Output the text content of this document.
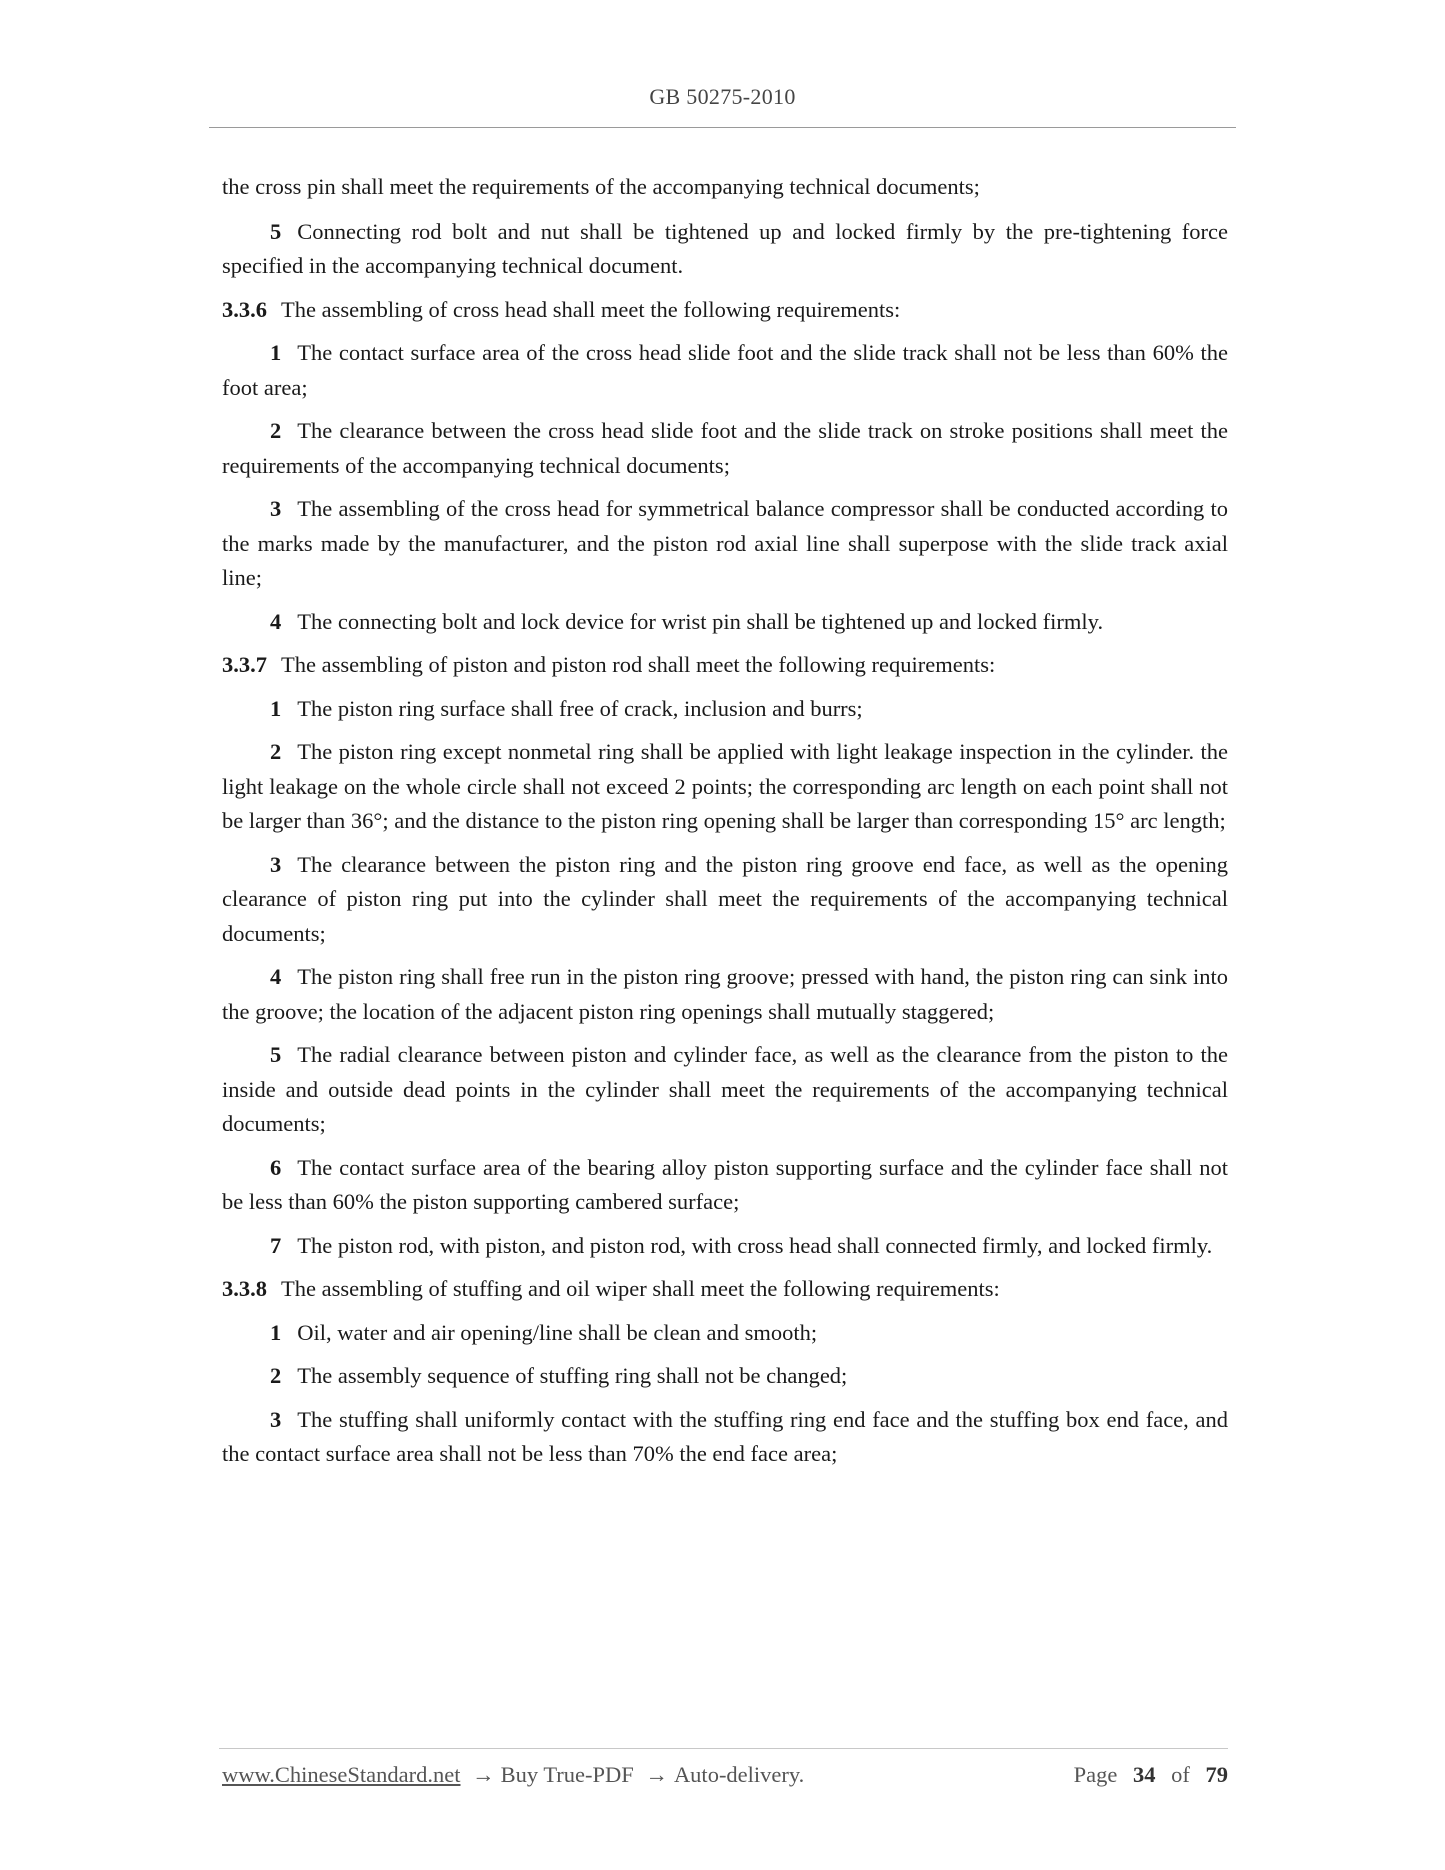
GB 50275-2010

the cross pin shall meet the requirements of the accompanying technical documents;

5 Connecting rod bolt and nut shall be tightened up and locked firmly by the pre-tightening force specified in the accompanying technical document.

3.3.6 The assembling of cross head shall meet the following requirements:

1 The contact surface area of the cross head slide foot and the slide track shall not be less than 60% the foot area;

2 The clearance between the cross head slide foot and the slide track on stroke positions shall meet the requirements of the accompanying technical documents;

3 The assembling of the cross head for symmetrical balance compressor shall be conducted according to the marks made by the manufacturer, and the piston rod axial line shall superpose with the slide track axial line;

4 The connecting bolt and lock device for wrist pin shall be tightened up and locked firmly.

3.3.7 The assembling of piston and piston rod shall meet the following requirements:

1 The piston ring surface shall free of crack, inclusion and burrs;

2 The piston ring except nonmetal ring shall be applied with light leakage inspection in the cylinder. the light leakage on the whole circle shall not exceed 2 points; the corresponding arc length on each point shall not be larger than 36°; and the distance to the piston ring opening shall be larger than corresponding 15° arc length;

3 The clearance between the piston ring and the piston ring groove end face, as well as the opening clearance of piston ring put into the cylinder shall meet the requirements of the accompanying technical documents;

4 The piston ring shall free run in the piston ring groove; pressed with hand, the piston ring can sink into the groove; the location of the adjacent piston ring openings shall mutually staggered;

5 The radial clearance between piston and cylinder face, as well as the clearance from the piston to the inside and outside dead points in the cylinder shall meet the requirements of the accompanying technical documents;

6 The contact surface area of the bearing alloy piston supporting surface and the cylinder face shall not be less than 60% the piston supporting cambered surface;

7 The piston rod, with piston, and piston rod, with cross head shall connected firmly, and locked firmly.

3.3.8 The assembling of stuffing and oil wiper shall meet the following requirements:

1 Oil, water and air opening/line shall be clean and smooth;

2 The assembly sequence of stuffing ring shall not be changed;

3 The stuffing shall uniformly contact with the stuffing ring end face and the stuffing box end face, and the contact surface area shall not be less than 70% the end face area;

www.ChineseStandard.net → Buy True-PDF → Auto-delivery.	Page 34 of 79
